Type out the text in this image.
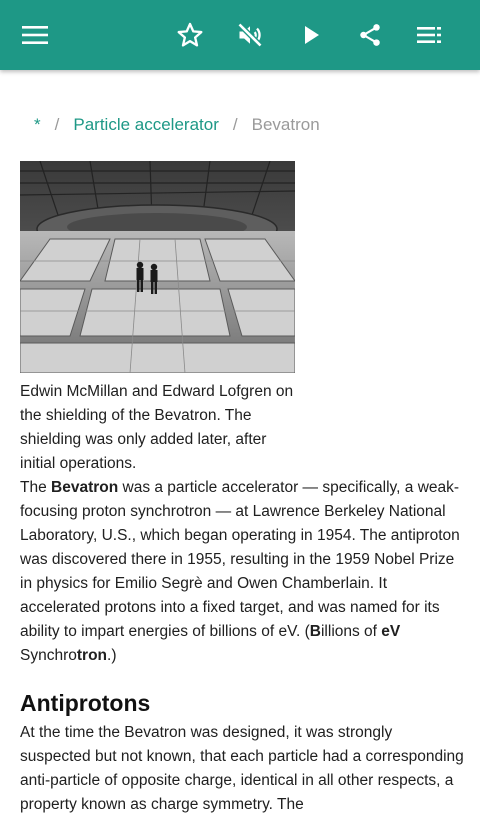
* / Particle accelerator / Bevatron
Edwin McMillan and Edward Lofgren on the shielding of the Bevatron. The shielding was only added later, after initial operations.
The Bevatron was a particle accelerator — specifically, a weak-focusing proton synchrotron — at Lawrence Berkeley National Laboratory, U.S., which began operating in 1954. The antiproton was discovered there in 1955, resulting in the 1959 Nobel Prize in physics for Emilio Segrè and Owen Chamberlain. It accelerated protons into a fixed target, and was named for its ability to impart energies of billions of eV. (Billions of eV Synchrotron.)
Antiprotons
At the time the Bevatron was designed, it was strongly suspected but not known, that each particle had a corresponding anti-particle of opposite charge, identical in all other respects, a property known as charge symmetry. The
